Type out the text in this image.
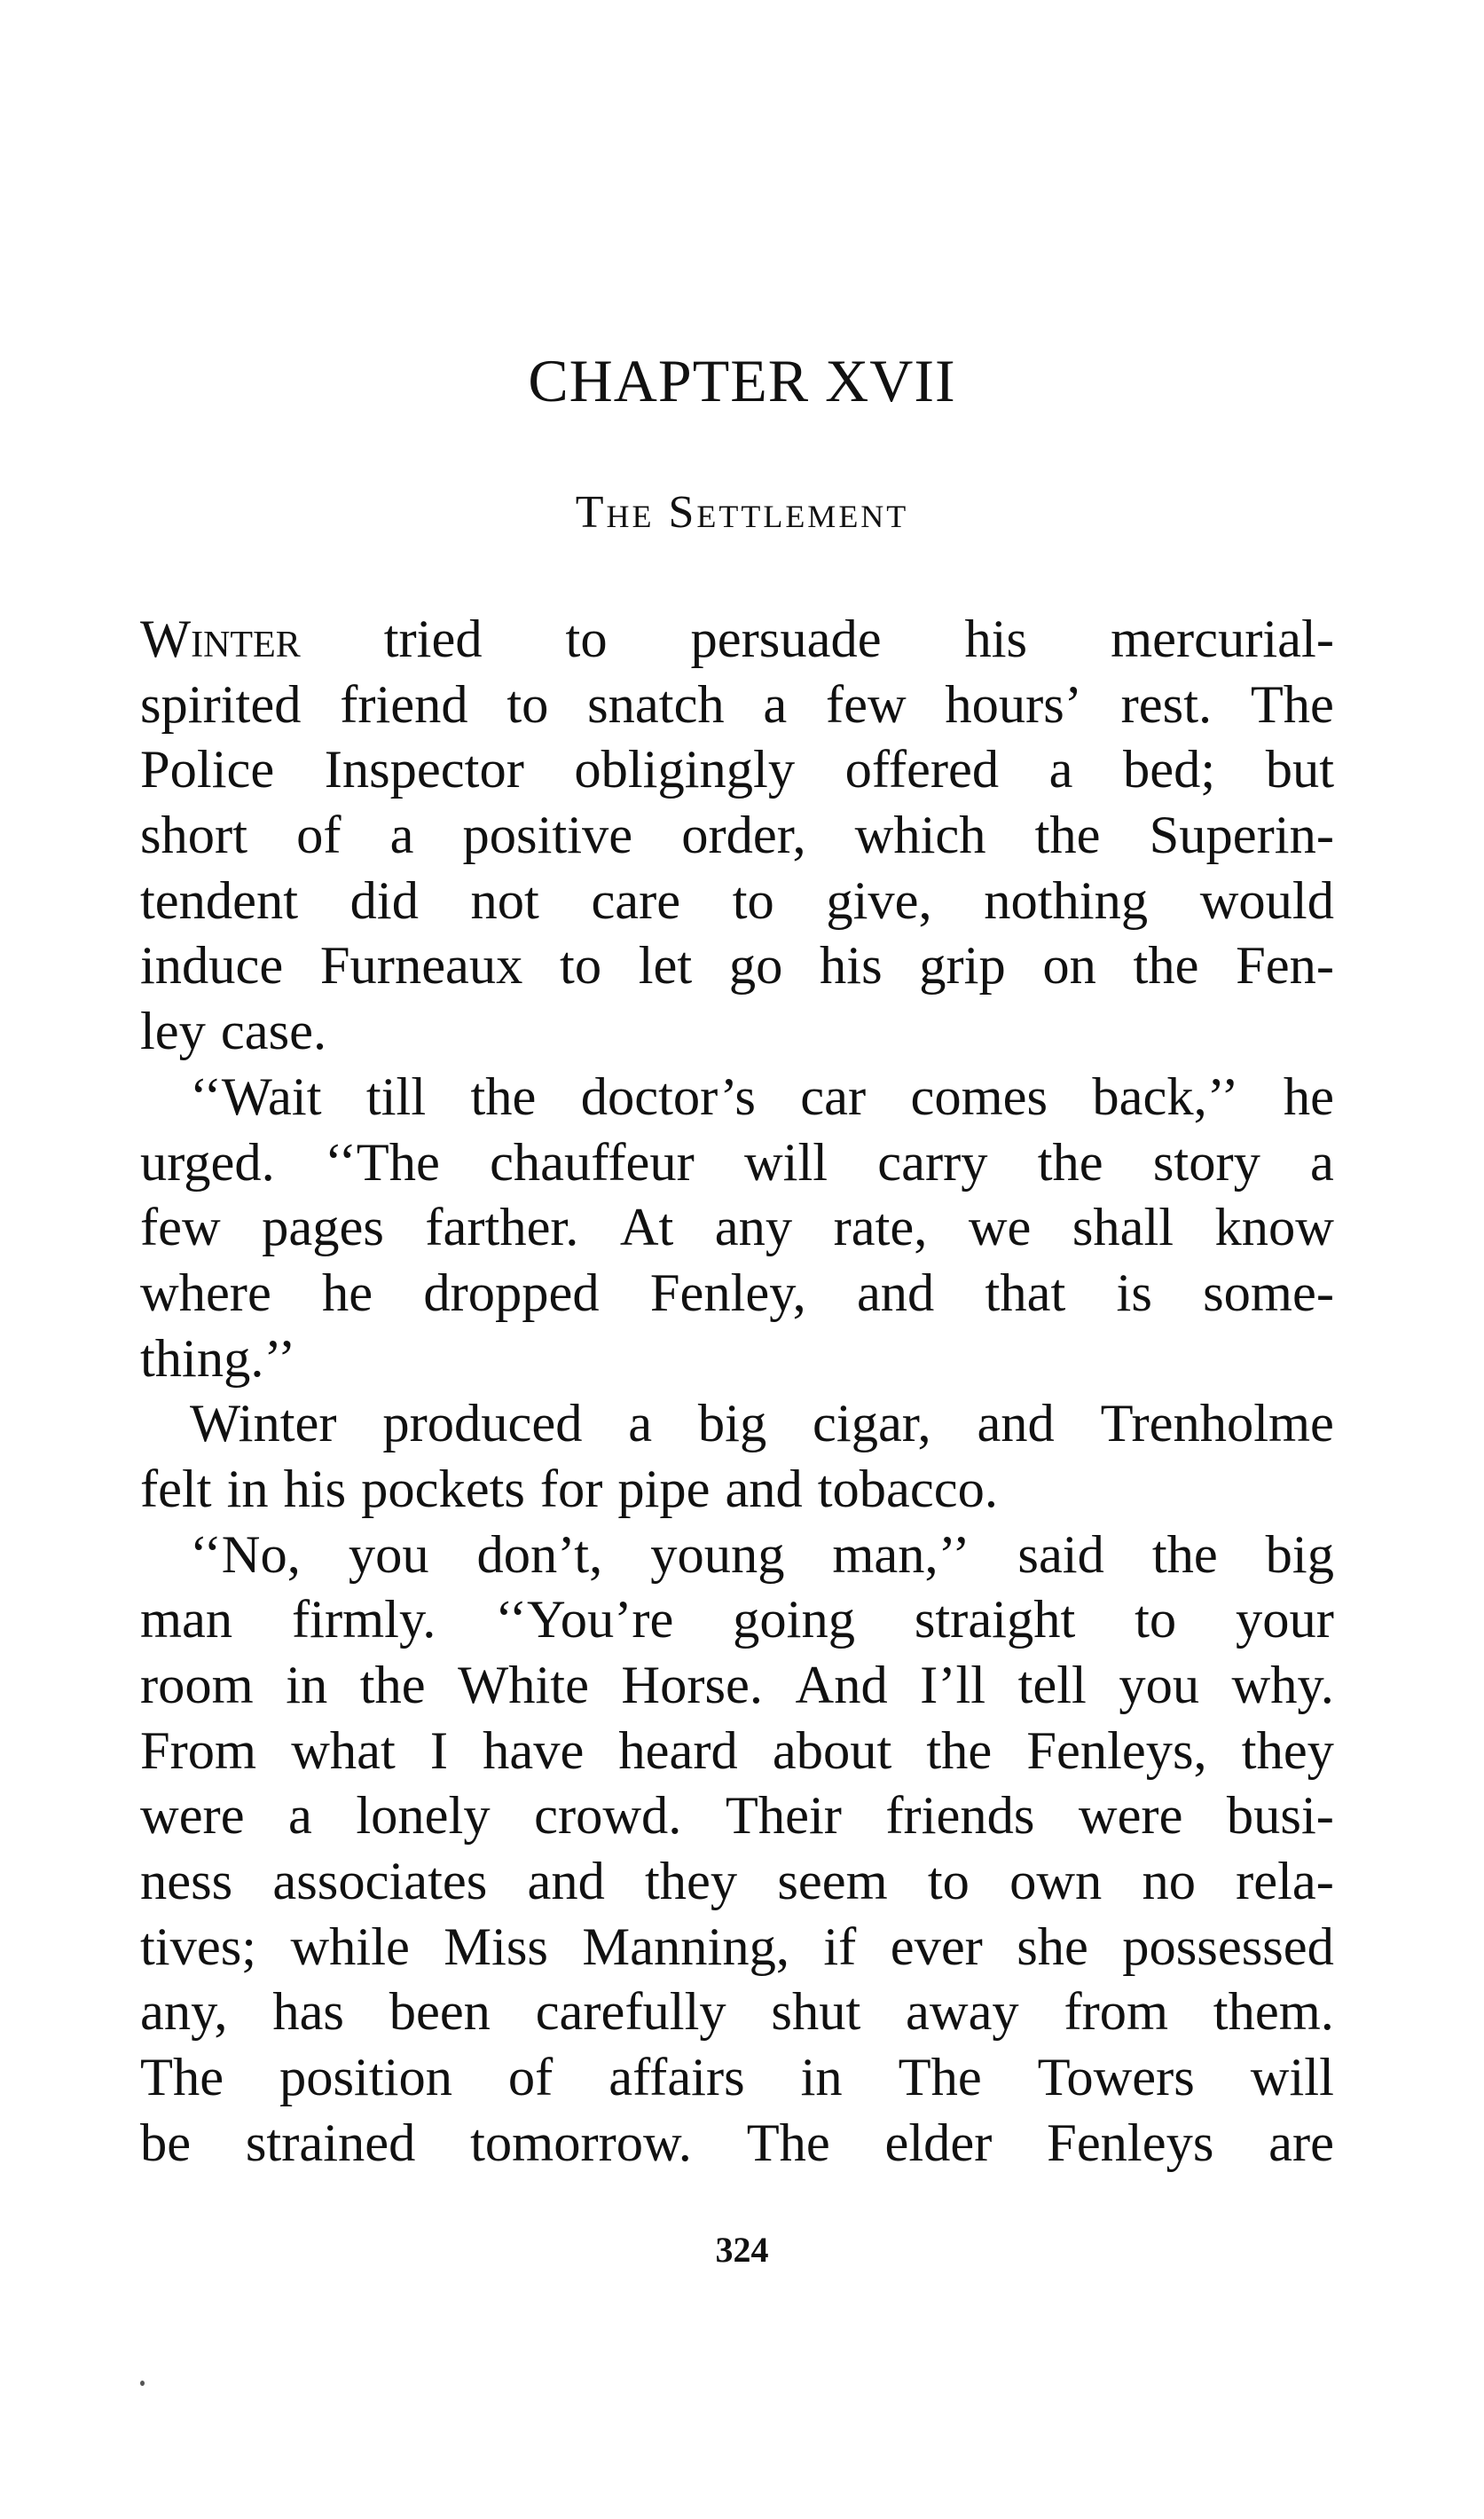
CHAPTER XVII
The Settlement
Winter tried to persuade his mercurial-
spirited friend to snatch a few hours’ rest. The
Police Inspector obligingly offered a bed; but
short of a positive order, which the Superin-
tendent did not care to give, nothing would
induce Furneaux to let go his grip on the Fen-
ley case.
‘‘Wait till the doctor’s car comes back,’’ he
urged. ‘‘The chauffeur will carry the story a
few pages farther. At any rate, we shall know
where he dropped Fenley, and that is some-
thing.’’
Winter produced a big cigar, and Trenholme
felt in his pockets for pipe and tobacco.
‘‘No, you don’t, young man,’’ said the big
man firmly. ‘‘You’re going straight to your
room in the White Horse. And I’ll tell you why.
From what I have heard about the Fenleys, they
were a lonely crowd. Their friends were busi-
ness associates and they seem to own no rela-
tives; while Miss Manning, if ever she possessed
any, has been carefully shut away from them.
The position of affairs in The Towers will
be strained tomorrow. The elder Fenleys are
324
